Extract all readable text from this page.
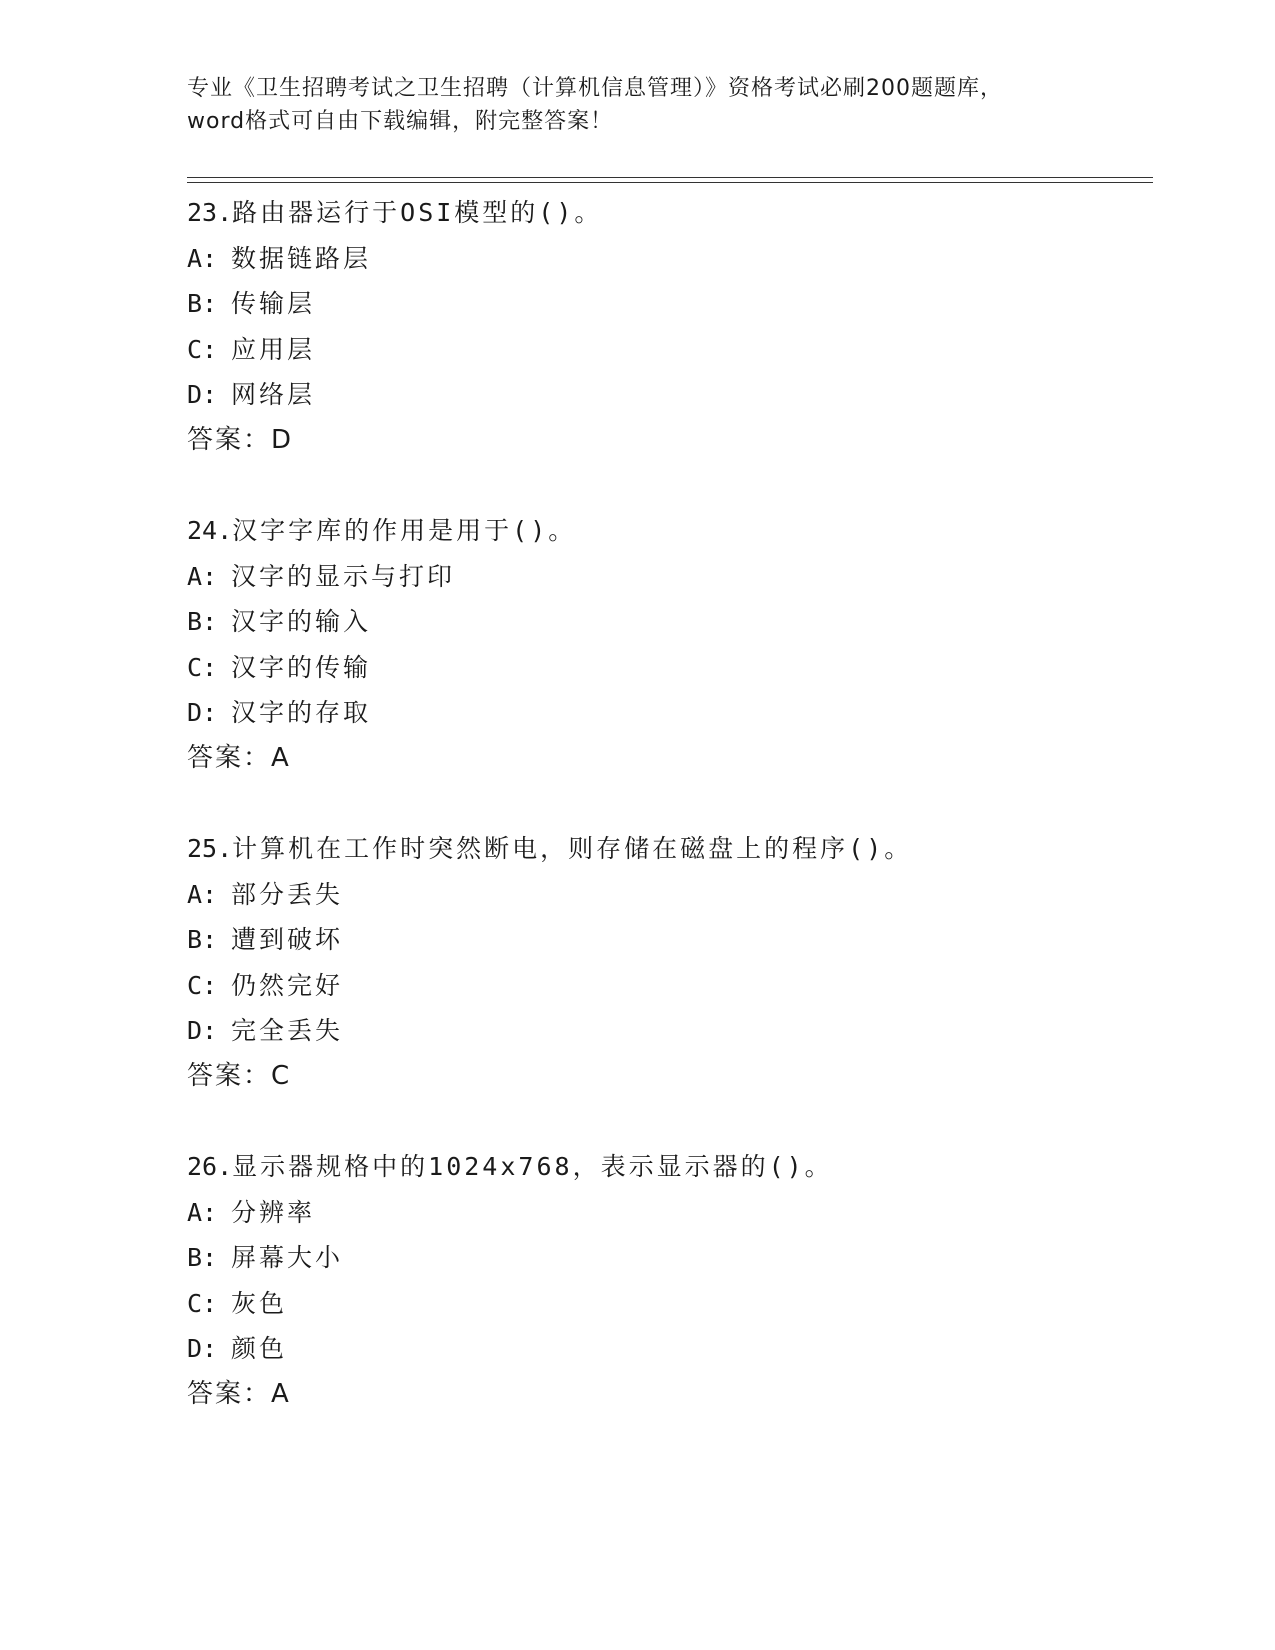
专业《卫生招聘考试之卫生招聘（计算机信息管理）》资格考试必刷200题题库，
word格式可自由下载编辑，附完整答案！
23.路由器运行于OSI模型的()。
A: 数据链路层
B: 传输层
C: 应用层
D: 网络层
答案：D
24.汉字字库的作用是用于()。
A: 汉字的显示与打印
B: 汉字的输入
C: 汉字的传输
D: 汉字的存取
答案：A
25.计算机在工作时突然断电，则存储在磁盘上的程序()。
A: 部分丢失
B: 遭到破坏
C: 仍然完好
D: 完全丢失
答案：C
26.显示器规格中的1024x768，表示显示器的()。
A: 分辨率
B: 屏幕大小
C: 灰色
D: 颜色
答案：A
